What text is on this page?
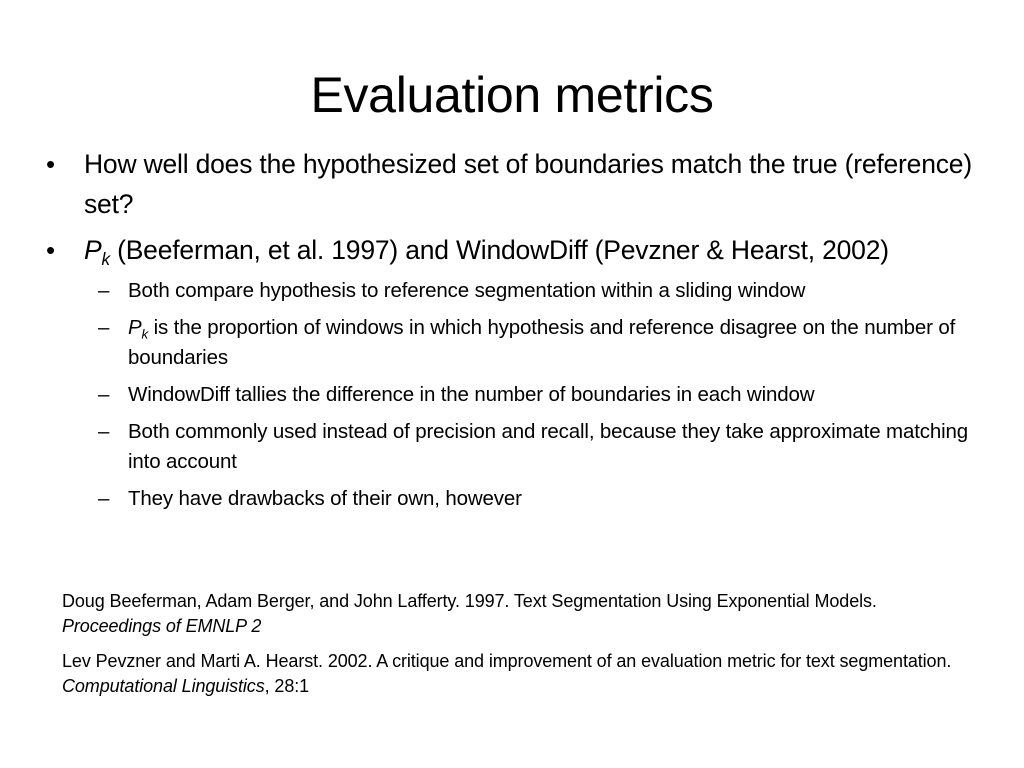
Evaluation metrics
•	How well does the hypothesized set of boundaries match the true (reference) set?
•	$P_k$ (Beeferman, et al. 1997) and WindowDiff (Pevzner & Hearst, 2002)
– Both compare hypothesis to reference segmentation within a sliding window
– $P_k$ is the proportion of windows in which hypothesis and reference disagree on the number of boundaries
– WindowDiff tallies the difference in the number of boundaries in each window
– Both commonly used instead of precision and recall, because they take approximate matching into account
– They have drawbacks of their own, however
Doug Beeferman, Adam Berger, and John Lafferty. 1997. Text Segmentation Using Exponential Models. Proceedings of EMNLP 2
Lev Pevzner and Marti A. Hearst. 2002. A critique and improvement of an evaluation metric for text segmentation. Computational Linguistics, 28:1
